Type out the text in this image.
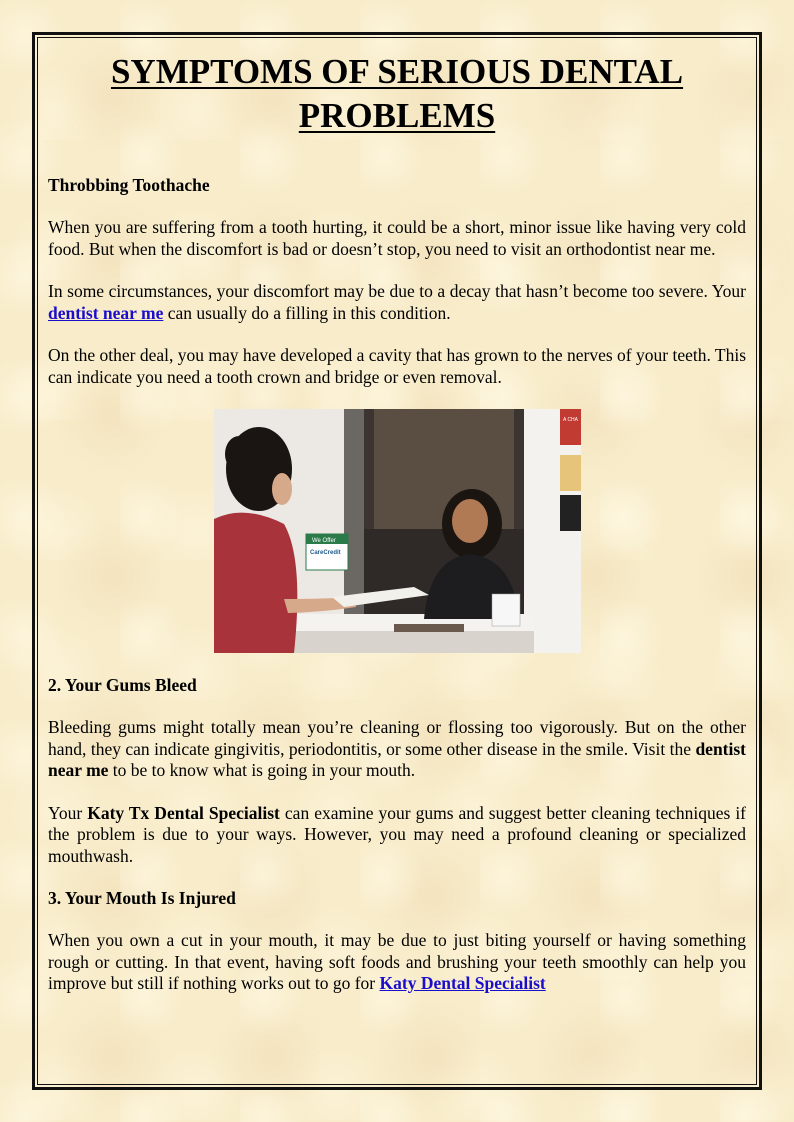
SYMPTOMS OF SERIOUS DENTAL
PROBLEMS
Throbbing Toothache

When you are suffering from a tooth hurting, it could be a short, minor issue like having very cold food. But when the discomfort is bad or doesn’t stop, you need to visit an orthodontist near me.

In some circumstances, your discomfort may be due to a decay that hasn’t become too severe. Your dentist near me can usually do a filling in this condition.

On the other deal, you may have developed a cavity that has grown to the nerves of your teeth. This can indicate you need a tooth crown and bridge or even removal.

A CHA
We Offer
CareCredit
2. Your Gums Bleed

Bleeding gums might totally mean you’re cleaning or flossing too vigorously. But on the other hand, they can indicate gingivitis, periodontitis, or some other disease in the smile. Visit the dentist near me to be to know what is going in your mouth.

Your Katy Tx Dental Specialist can examine your gums and suggest better cleaning techniques if the problem is due to your ways. However, you may need a profound cleaning or specialized mouthwash.

3. Your Mouth Is Injured

When you own a cut in your mouth, it may be due to just biting yourself or having something rough or cutting. In that event, having soft foods and brushing your teeth smoothly can help you improve but still if nothing works out to go for Katy Dental Specialist
